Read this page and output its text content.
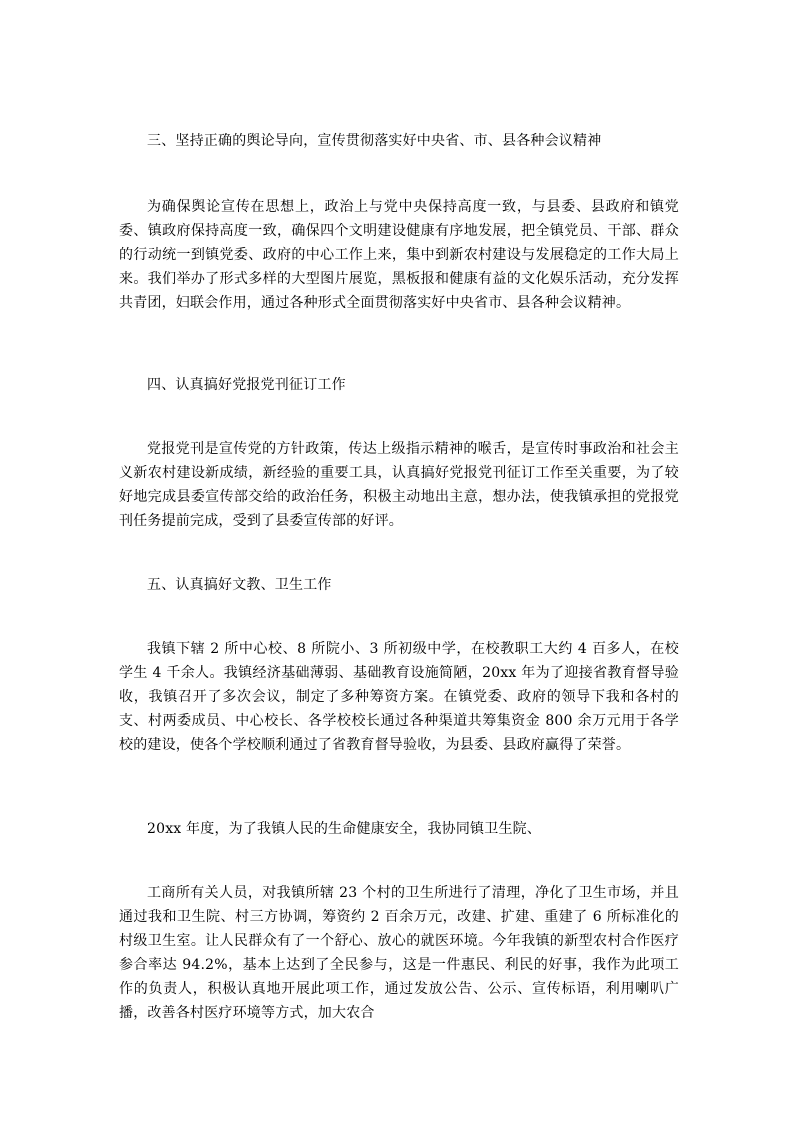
三、坚持正确的舆论导向，宣传贯彻落实好中央省、市、县各种会议精神

为确保舆论宣传在思想上，政治上与党中央保持高度一致，与县委、县政府和镇党委、镇政府保持高度一致，确保四个文明建设健康有序地发展，把全镇党员、干部、群众的行动统一到镇党委、政府的中心工作上来，集中到新农村建设与发展稳定的工作大局上来。我们举办了形式多样的大型图片展览，黑板报和健康有益的文化娱乐活动，充分发挥共青团，妇联会作用，通过各种形式全面贯彻落实好中央省市、县各种会议精神。

四、认真搞好党报党刊征订工作

党报党刊是宣传党的方针政策，传达上级指示精神的喉舌，是宣传时事政治和社会主义新农村建设新成绩，新经验的重要工具，认真搞好党报党刊征订工作至关重要，为了较好地完成县委宣传部交给的政治任务，积极主动地出主意，想办法，使我镇承担的党报党刊任务提前完成，受到了县委宣传部的好评。

五、认真搞好文教、卫生工作

我镇下辖 2 所中心校、8 所院小、3 所初级中学，在校教职工大约 4 百多人，在校学生 4 千余人。我镇经济基础薄弱、基础教育设施简陋，20xx 年为了迎接省教育督导验收，我镇召开了多次会议，制定了多种筹资方案。在镇党委、政府的领导下我和各村的支、村两委成员、中心校长、各学校校长通过各种渠道共筹集资金 800 余万元用于各学校的建设，使各个学校顺利通过了省教育督导验收，为县委、县政府赢得了荣誉。

20xx 年度，为了我镇人民的生命健康安全，我协同镇卫生院、

工商所有关人员，对我镇所辖 23 个村的卫生所进行了清理，净化了卫生市场，并且通过我和卫生院、村三方协调，筹资约 2 百余万元，改建、扩建、重建了 6 所标准化的村级卫生室。让人民群众有了一个舒心、放心的就医环境。今年我镇的新型农村合作医疗参合率达 94.2%，基本上达到了全民参与，这是一件惠民、利民的好事，我作为此项工作的负责人，积极认真地开展此项工作，通过发放公告、公示、宣传标语，利用喇叭广播，改善各村医疗环境等方式，加大农合
